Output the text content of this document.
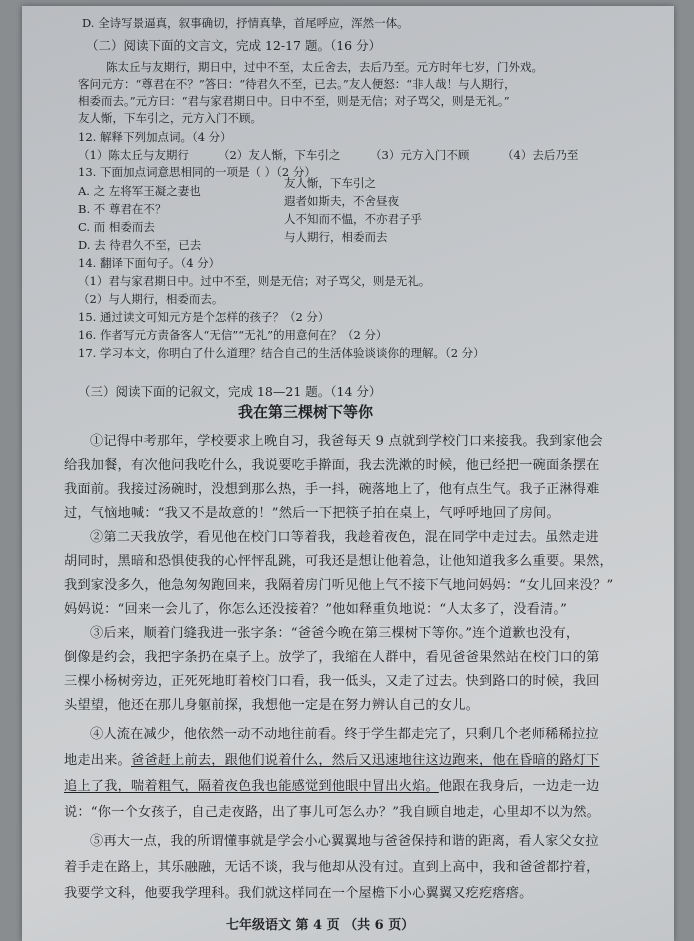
D. 全诗写景逼真，叙事确切，抒情真挚，首尾呼应，浑然一体。
（二）阅读下面的文言文，完成 12-17 题。（16 分）
陈太丘与友期行，期日中，过中不至，太丘舍去，去后乃至。元方时年七岁，门外戏。
客问元方：“尊君在不？”答曰：“待君久不至，已去。”友人便怒：“非人哉！与人期行，
相委而去。”元方曰：“君与家君期日中。日中不至，则是无信；对子骂父，则是无礼。”
友人惭，下车引之，元方入门不顾。
12. 解释下列加点词。（4 分）
（1）陈太丘与友期行	（2）友人惭，下车引之	（3）元方入门不顾	（4）去后乃至
13. 下面加点词意思相同的一项是（ ）（2 分）
A. 之 左将军王凝之妻也
B. 不 尊君在不？
C. 而 相委而去
D. 去 待君久不至，已去
友人惭，下车引之
遐者如斯夫，不舍昼夜
人不知而不愠，不亦君子乎
与人期行，相委而去
14. 翻译下面句子。（4 分）
（1）君与家君期日中。过中不至，则是无信；对子骂父，则是无礼。
（2）与人期行，相委而去。
15. 通过读文可知元方是个怎样的孩子？（2 分）
16. 作者写元方责备客人“无信”“无礼”的用意何在？（2 分）
17. 学习本文，你明白了什么道理？结合自己的生活体验谈谈你的理解。（2 分）
（三）阅读下面的记叙文，完成 18—21 题。（14 分）
我在第三棵树下等你
①记得中考那年，学校要求上晚自习，我爸每天 9 点就到学校门口来接我。我到家他会
给我加餐，有次他问我吃什么，我说要吃手擀面，我去洗漱的时候，他已经把一碗面条摆在
我面前。我接过汤碗时，没想到那么热，手一抖，碗落地上了，他有点生气。我子正淋得难
过，气恼地喊：“我又不是故意的！”然后一下把筷子拍在桌上，气呼呼地回了房间。
②第二天我放学，看见他在校门口等着我，我趁着夜色，混在同学中走过去。虽然走进
胡同时，黑暗和恐惧使我的心怦怦乱跳，可我还是想让他着急，让他知道我多么重要。果然，
我到家没多久，他急匆匆跑回来，我隔着房门听见他上气不接下气地问妈妈：“女儿回来没？”
妈妈说：“回来一会儿了，你怎么还没接着？”他如释重负地说：“人太多了，没看清。”
③后来，顺着门缝我进一张字条：“爸爸今晚在第三棵树下等你。”连个道歉也没有，
倒像是约会，我把字条扔在桌子上。放学了，我缩在人群中，看见爸爸果然站在校门口的第
三棵小杨树旁边，正死死地盯着校门口看，我一低头，又走了过去。快到路口的时候，我回
头望望，他还在那儿身躯前探，我想他一定是在努力辨认自己的女儿。
④人流在减少，他依然一动不动地往前看。终于学生都走完了，只剩几个老师稀稀拉拉
地走出来。爸爸赶上前去，跟他们说着什么，然后又迅速地往这边跑来，他在昏暗的路灯下
追上了我，喘着粗气，隔着夜色我也能感觉到他眼中冒出火焰。他跟在我身后，一边走一边
说：“你一个女孩子，自己走夜路，出了事儿可怎么办？”我自顾自地走，心里却不以为然。
⑤再大一点，我的所谓懂事就是学会小心翼翼地与爸爸保持和谐的距离，看人家父女拉
着手走在路上，其乐融融，无话不谈，我与他却从没有过。直到上高中，我和爸爸都拧着，
我要学文科，他要我学理科。我们就这样同在一个屋檐下小心翼翼又疙疙瘩瘩。
七年级语文 第 4 页 （共 6 页）
